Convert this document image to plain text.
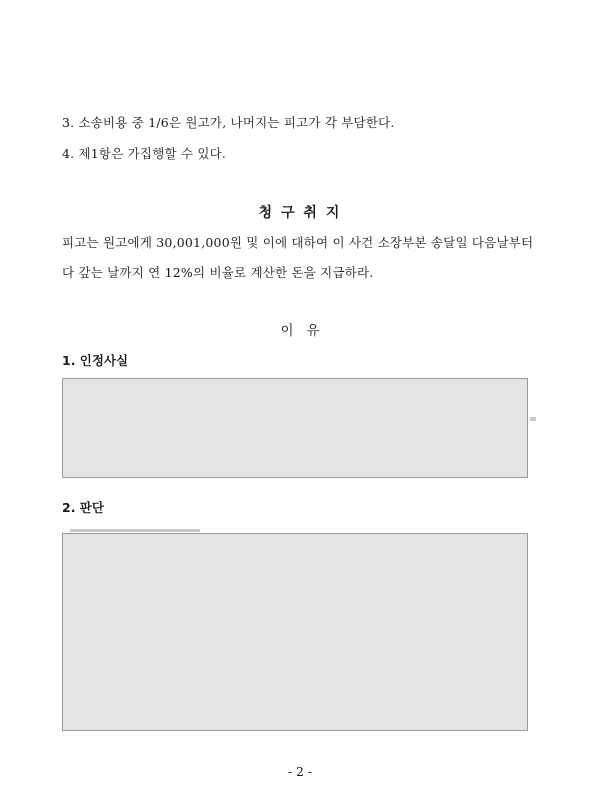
3. 소송비용 중 1/6은 원고가, 나머지는 피고가 각 부담한다.
4. 제1항은 가집행할 수 있다.
청 구 취 지
피고는 원고에게 30,001,000원 및 이에 대하여 이 사건 소장부본 송달일 다음날부터
다 갚는 날까지 연 12%의 비율로 계산한 돈을 지급하라.
이   유
1. 인정사실
2. 판단
- 2 -
